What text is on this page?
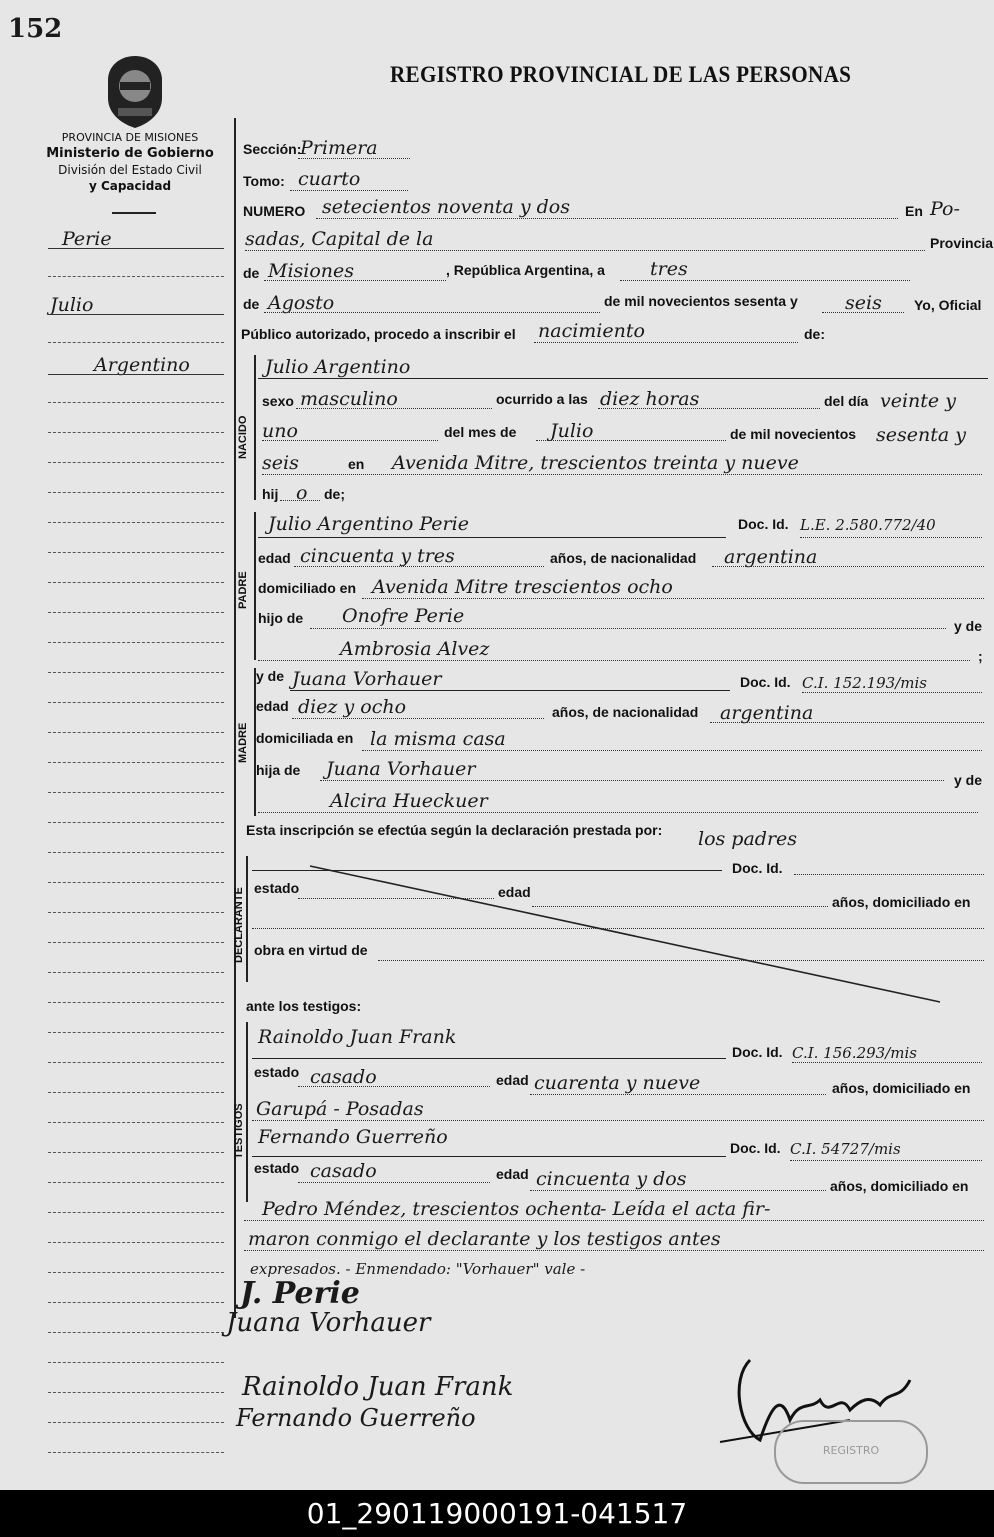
152
REGISTRO PROVINCIAL DE LAS PERSONAS
PROVINCIA DE MISIONES
Ministerio de Gobierno
División del Estado Civil
y Capacidad
Perie
Julio
Argentino
Sección:
Primera
Tomo: cuarto
NUMERO setecientos noventa y dos	En Po-
sadas, Capital de la	Provincia
de Misiones	, República Argentina, a tres
de Agosto	de mil novecientos sesenta y seis Yo, Oficial
Público autorizado, procedo a inscribir el nacimiento	de:
NACIDO
Julio Argentino
sexo masculino	ocurrido a las diez horas	del día veinte y
uno	del mes de Julio	de mil novecientos sesenta y
seis	en Avenida Mitre, trescientos treinta y nueve
hij o de;
PADRE
Julio Argentino Perie	Doc. Id. L.E. 2.580.772/40
edad cincuenta y tres	años, de nacionalidad argentina
domiciliado en Avenida Mitre trescientos ocho
hijo de Onofre Perie	y de
Ambrosia Alvez	;
MADRE
y de Juana Vorhauer	Doc. Id. C.I. 152.193/mis
edad diez y ocho	años, de nacionalidad argentina
domiciliada en la misma casa
hija de Juana Vorhauer	y de
Alcira Hueckuer
Esta inscripción se efectúa según la declaración prestada por: los padres
DECLARANTE
Doc. Id.
estado	edad
años, domiciliado en
obra en virtud de
ante los testigos:
TESTIGOS
Rainoldo Juan Frank
Doc. Id. C.I. 156.293/mis
estado casado	edad cuarenta y nueve	años, domiciliado en
Garupá - Posadas
Fernando Guerreño	Doc. Id. C.I. 54727/mis
estado casado	edad cincuenta y dos	años, domiciliado en
Pedro Méndez, trescientos ochenta
- Leída el acta fir-
maron conmigo el declarante y los testigos antes
expresados. - Enmendado: "Vorhauer" vale -
J. Perie
Juana Vorhauer
Rainoldo Juan Frank
Fernando Guerreño
REGISTRO
01_290119000191-041517
